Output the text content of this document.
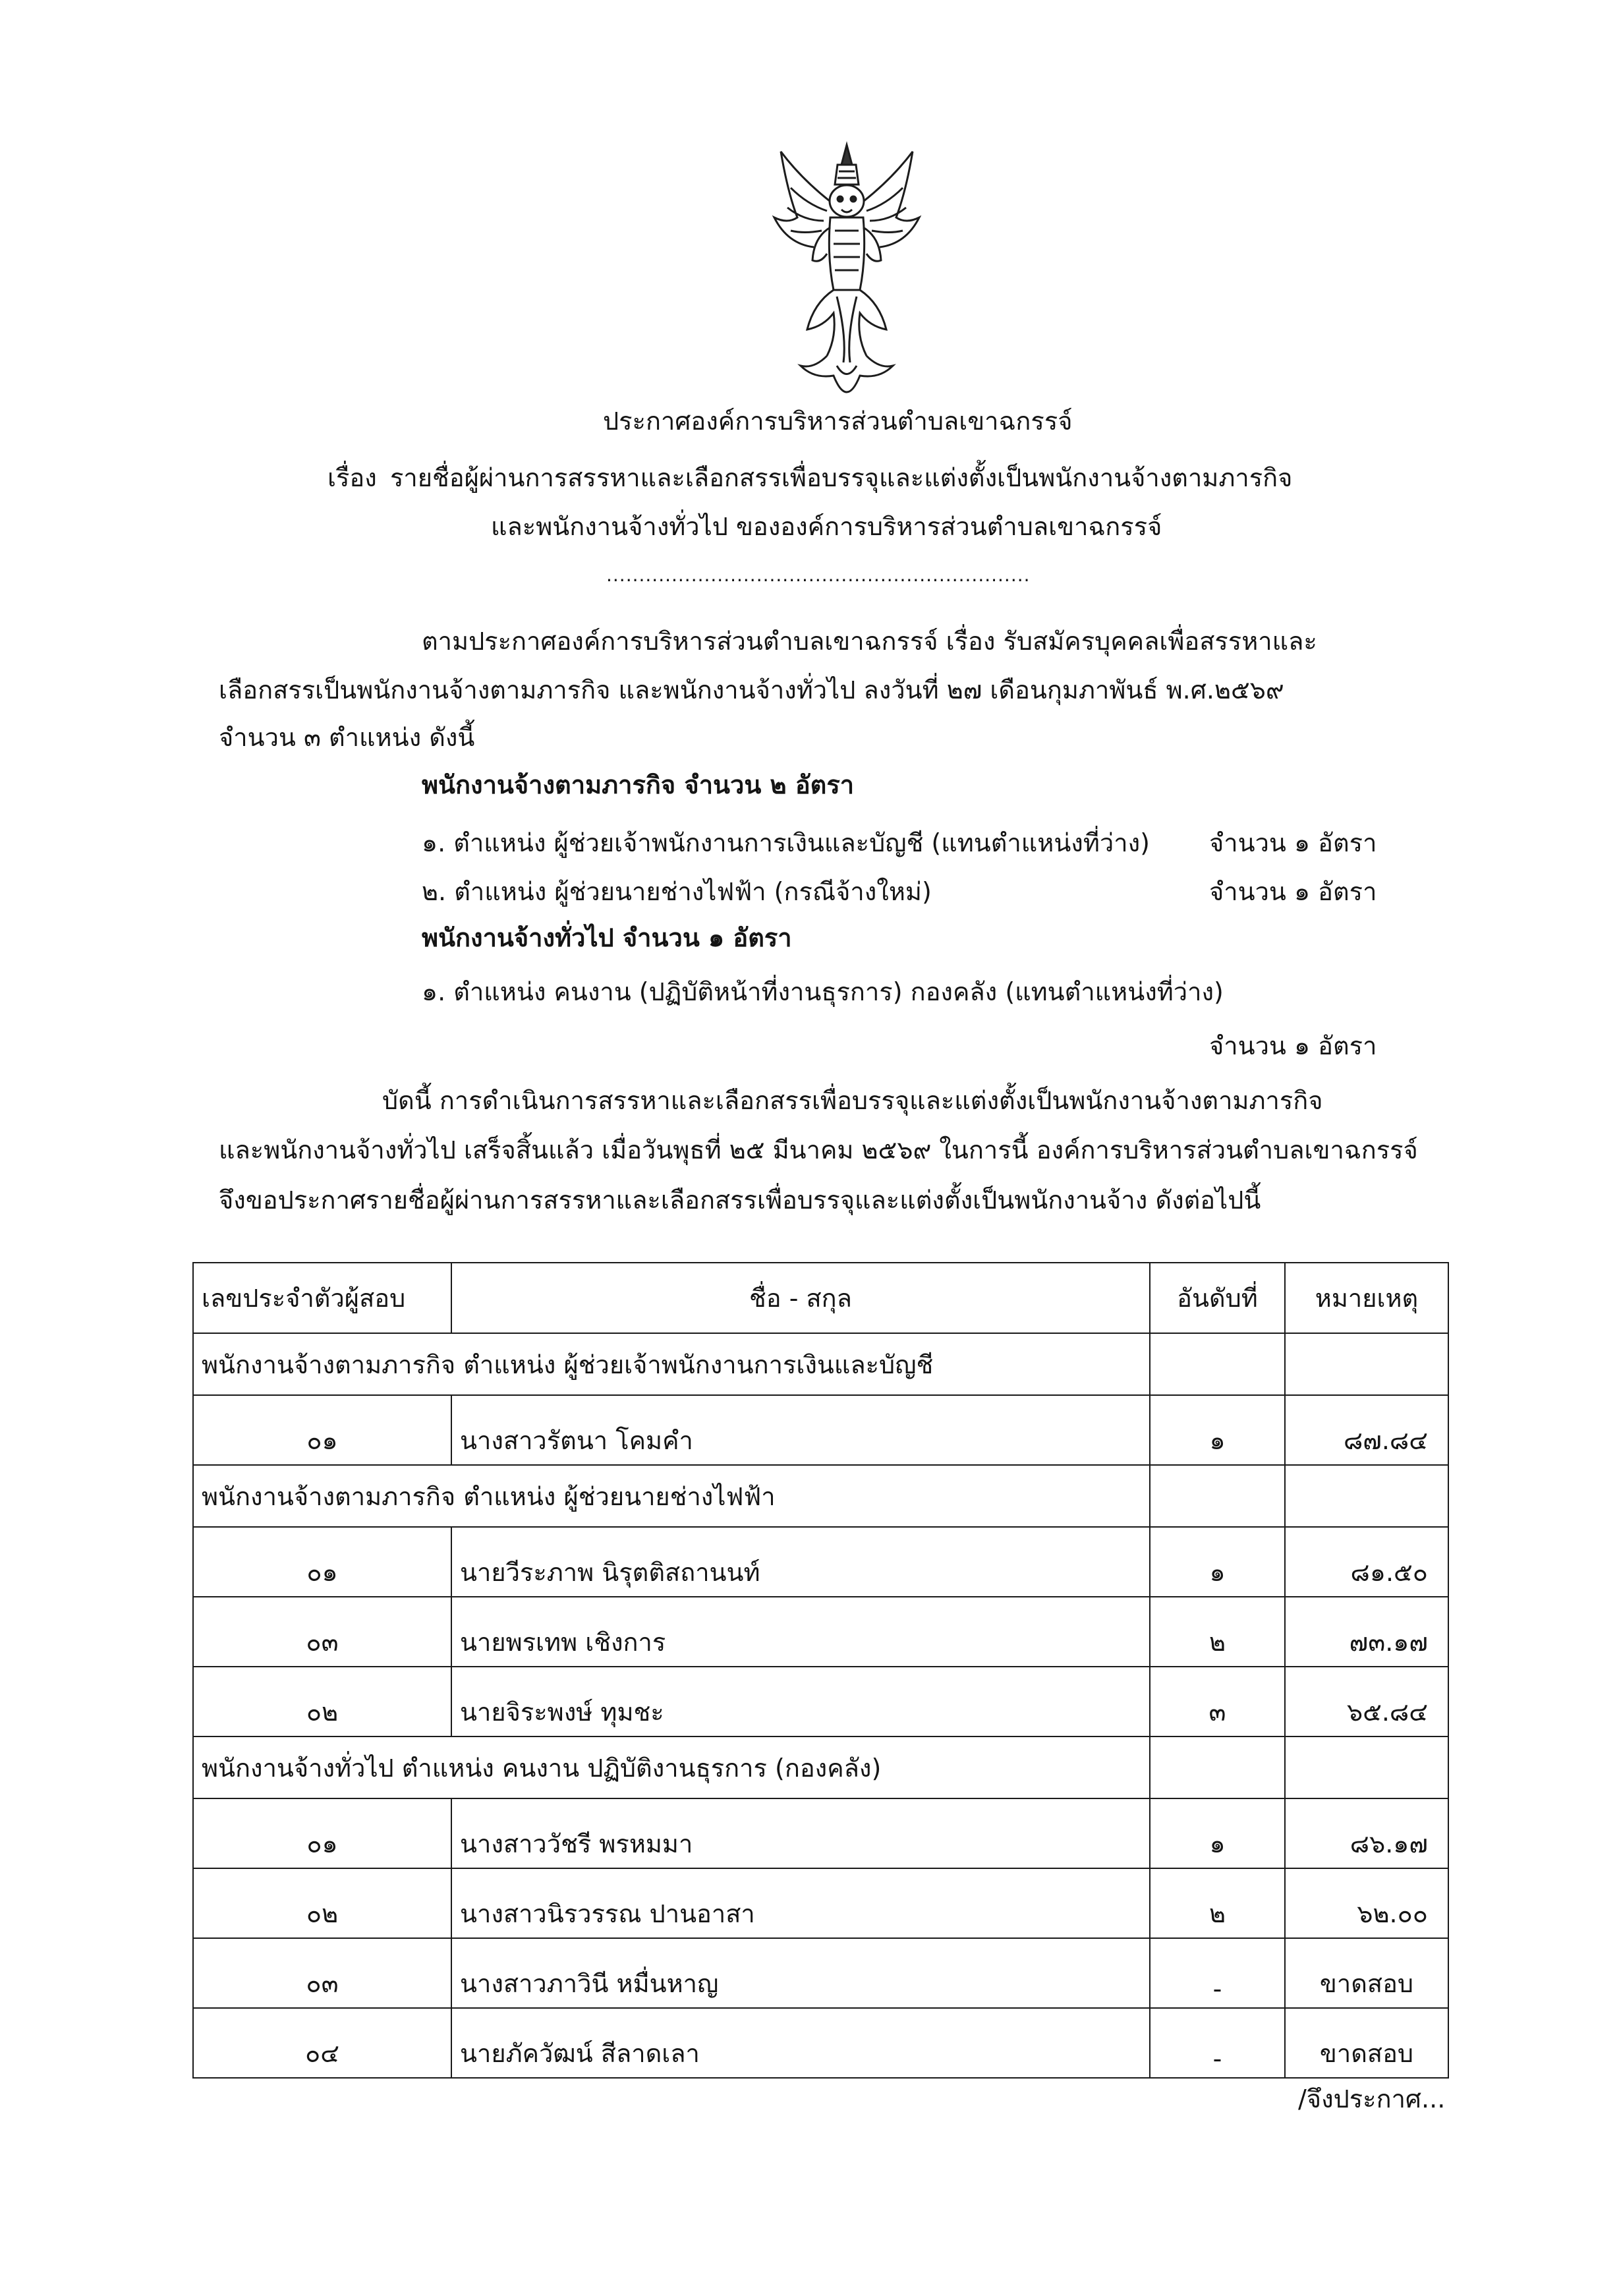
ประกาศองค์การบริหารส่วนตำบลเขาฉกรรจ์
เรื่อง รายชื่อผู้ผ่านการสรรหาและเลือกสรรเพื่อบรรจุและแต่งตั้งเป็นพนักงานจ้างตามภารกิจ
และพนักงานจ้างทั่วไป ขององค์การบริหารส่วนตำบลเขาฉกรรจ์
.................................................................
ตามประกาศองค์การบริหารส่วนตำบลเขาฉกรรจ์ เรื่อง รับสมัครบุคคลเพื่อสรรหาและ
เลือกสรรเป็นพนักงานจ้างตามภารกิจ และพนักงานจ้างทั่วไป ลงวันที่ ๒๗ เดือนกุมภาพันธ์ พ.ศ.๒๕๖๙
จำนวน ๓ ตำแหน่ง ดังนี้
พนักงานจ้างตามภารกิจ จำนวน ๒ อัตรา
๑. ตำแหน่ง ผู้ช่วยเจ้าพนักงานการเงินและบัญชี (แทนตำแหน่งที่ว่าง) จำนวน ๑ อัตรา
๒. ตำแหน่ง ผู้ช่วยนายช่างไฟฟ้า (กรณีจ้างใหม่)	จำนวน ๑ อัตรา
พนักงานจ้างทั่วไป จำนวน ๑ อัตรา
๑. ตำแหน่ง คนงาน (ปฏิบัติหน้าที่งานธุรการ) กองคลัง (แทนตำแหน่งที่ว่าง)
จำนวน ๑ อัตรา
บัดนี้ การดำเนินการสรรหาและเลือกสรรเพื่อบรรจุและแต่งตั้งเป็นพนักงานจ้างตามภารกิจ
และพนักงานจ้างทั่วไป เสร็จสิ้นแล้ว เมื่อวันพุธที่ ๒๕ มีนาคม ๒๕๖๙ ในการนี้ องค์การบริหารส่วนตำบลเขาฉกรรจ์
จึงขอประกาศรายชื่อผู้ผ่านการสรรหาและเลือกสรรเพื่อบรรจุและแต่งตั้งเป็นพนักงานจ้าง ดังต่อไปนี้
เลขประจำตัวผู้สอบ	ชื่อ - สกุล	อันดับที่	หมายเหตุ
พนักงานจ้างตามภารกิจ ตำแหน่ง ผู้ช่วยเจ้าพนักงานการเงินและบัญชี			
๐๑	นางสาวรัตนา โคมคำ	๑	๘๗.๘๔
พนักงานจ้างตามภารกิจ ตำแหน่ง ผู้ช่วยนายช่างไฟฟ้า			
๐๑	นายวีระภาพ นิรุตติสถานนท์	๑	๘๑.๕๐
๐๓	นายพรเทพ เชิงการ	๒	๗๓.๑๗
๐๒	นายจิระพงษ์ ทุมชะ	๓	๖๕.๘๔
พนักงานจ้างทั่วไป ตำแหน่ง คนงาน ปฏิบัติงานธุรการ (กองคลัง)			
๐๑	นางสาววัชรี พรหมมา	๑	๘๖.๑๗
๐๒	นางสาวนิรวรรณ ปานอาสา	๒	๖๒.๐๐
๐๓	นางสาวภาวินี หมื่นหาญ	-	ขาดสอบ
๐๔	นายภัควัฒน์ สีลาดเลา	-	ขาดสอบ
/จึงประกาศ...
